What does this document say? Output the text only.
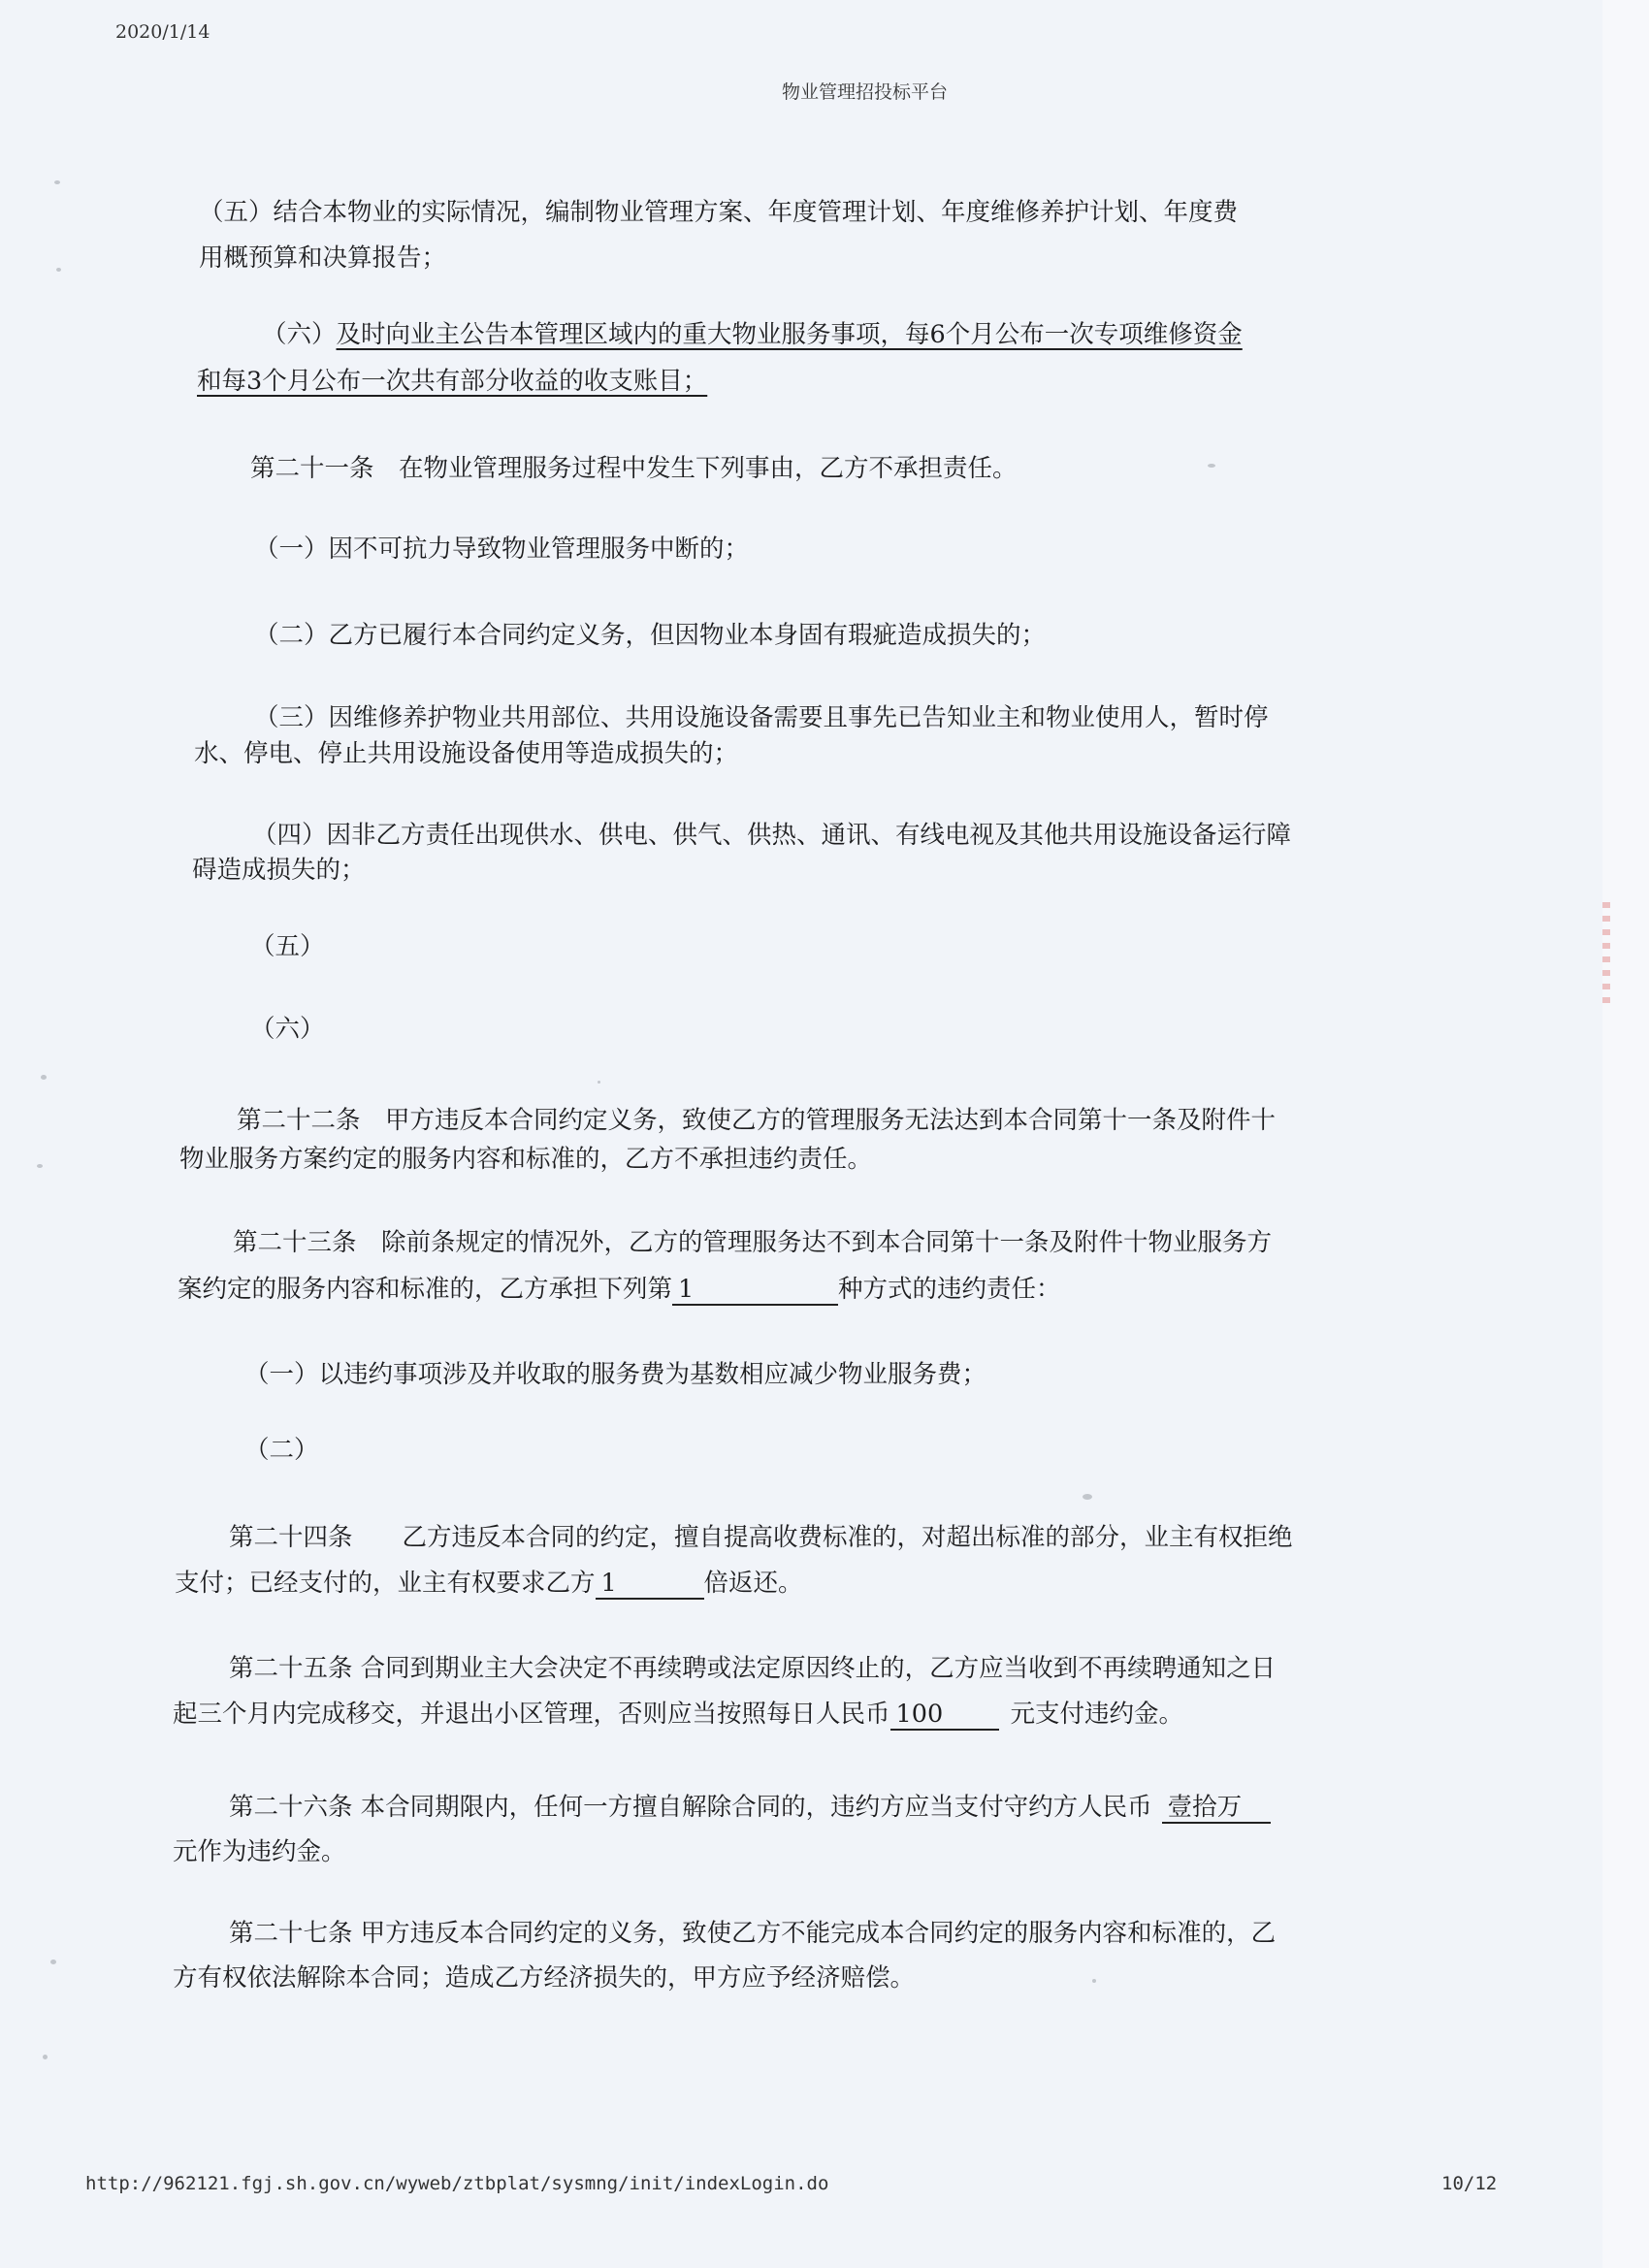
2020/1/14
物业管理招投标平台
（五）结合本物业的实际情况，编制物业管理方案、年度管理计划、年度维修养护计划、年度费
用概预算和决算报告；
（六）及时向业主公告本管理区域内的重大物业服务事项，每6个月公布一次专项维修资金
和每3个月公布一次共有部分收益的收支账目；
第二十一条　在物业管理服务过程中发生下列事由，乙方不承担责任。
（一）因不可抗力导致物业管理服务中断的；
（二）乙方已履行本合同约定义务，但因物业本身固有瑕疵造成损失的；
（三）因维修养护物业共用部位、共用设施设备需要且事先已告知业主和物业使用人，暂时停
水、停电、停止共用设施设备使用等造成损失的；
（四）因非乙方责任出现供水、供电、供气、供热、通讯、有线电视及其他共用设施设备运行障
碍造成损失的；
（五）
（六）
第二十二条　甲方违反本合同约定义务，致使乙方的管理服务无法达到本合同第十一条及附件十
物业服务方案约定的服务内容和标准的，乙方不承担违约责任。
第二十三条　除前条规定的情况外，乙方的管理服务达不到本合同第十一条及附件十物业服务方
案约定的服务内容和标准的，乙方承担下列第 1	种方式的违约责任：
（一）以违约事项涉及并收取的服务费为基数相应减少物业服务费；
（二）
第二十四条　　乙方违反本合同的约定，擅自提高收费标准的，对超出标准的部分，业主有权拒绝
支付；已经支付的，业主有权要求乙方 1	倍返还。
第二十五条 合同到期业主大会决定不再续聘或法定原因终止的，乙方应当收到不再续聘通知之日
起三个月内完成移交，并退出小区管理，否则应当按照每日人民币 100	元支付违约金。
第二十六条 本合同期限内，任何一方擅自解除合同的，违约方应当支付守约方人民币 壹拾万
元作为违约金。
第二十七条 甲方违反本合同约定的义务，致使乙方不能完成本合同约定的服务内容和标准的，乙
方有权依法解除本合同；造成乙方经济损失的，甲方应予经济赔偿。
http://962121.fgj.sh.gov.cn/wyweb/ztbplat/sysmng/init/indexLogin.do	10/12
